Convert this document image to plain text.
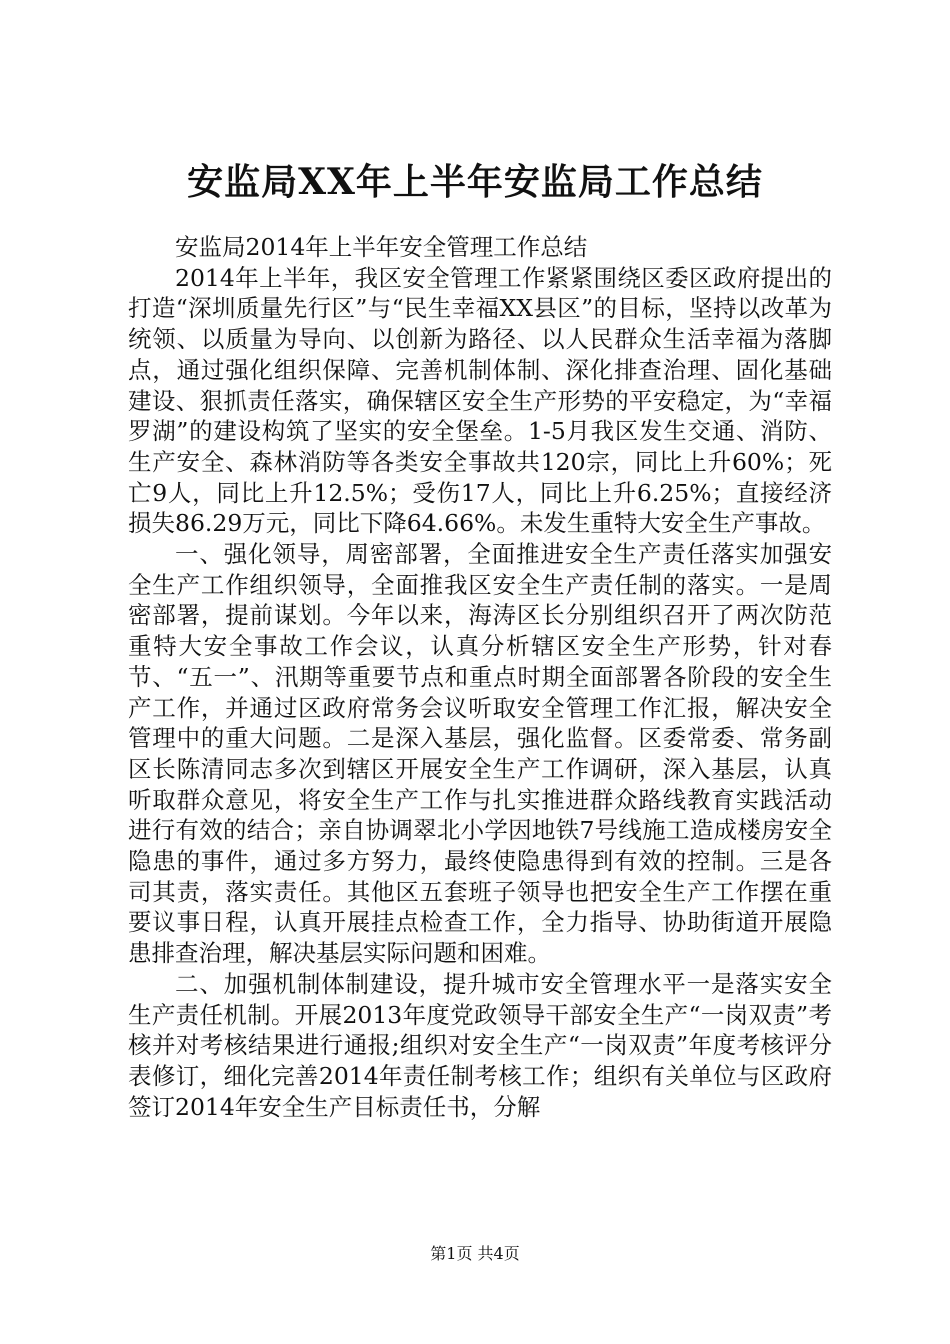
安监局XX年上半年安监局工作总结

安监局2014年上半年安全管理工作总结

2014年上半年，我区安全管理工作紧紧围绕区委区政府提出的打造“深圳质量先行区”与“民生幸福XX县区”的目标，坚持以改革为统领、以质量为导向、以创新为路径、以人民群众生活幸福为落脚点，通过强化组织保障、完善机制体制、深化排查治理、固化基础建设、狠抓责任落实，确保辖区安全生产形势的平安稳定，为“幸福罗湖”的建设构筑了坚实的安全堡垒。1-5月我区发生交通、消防、生产安全、森林消防等各类安全事故共120宗，同比上升60%；死亡9人，同比上升12.5%；受伤17人，同比上升6.25%；直接经济损失86.29万元，同比下降64.66%。未发生重特大安全生产事故。

一、强化领导，周密部署，全面推进安全生产责任落实加强安全生产工作组织领导，全面推我区安全生产责任制的落实。一是周密部署，提前谋划。今年以来，海涛区长分别组织召开了两次防范重特大安全事故工作会议，认真分析辖区安全生产形势，针对春节、“五一”、汛期等重要节点和重点时期全面部署各阶段的安全生产工作，并通过区政府常务会议听取安全管理工作汇报，解决安全管理中的重大问题。二是深入基层，强化监督。区委常委、常务副区长陈清同志多次到辖区开展安全生产工作调研，深入基层，认真听取群众意见，将安全生产工作与扎实推进群众路线教育实践活动进行有效的结合；亲自协调翠北小学因地铁7号线施工造成楼房安全隐患的事件，通过多方努力，最终使隐患得到有效的控制。三是各司其责，落实责任。其他区五套班子领导也把安全生产工作摆在重要议事日程，认真开展挂点检查工作，全力指导、协助街道开展隐患排查治理，解决基层实际问题和困难。

二、加强机制体制建设，提升城市安全管理水平一是落实安全生产责任机制。开展2013年度党政领导干部安全生产“一岗双责”考核并对考核结果进行通报;组织对安全生产“一岗双责”年度考核评分表修订，细化完善2014年责任制考核工作；组织有关单位与区政府签订2014年安全生产目标责任书，分解

第1页 共4页
